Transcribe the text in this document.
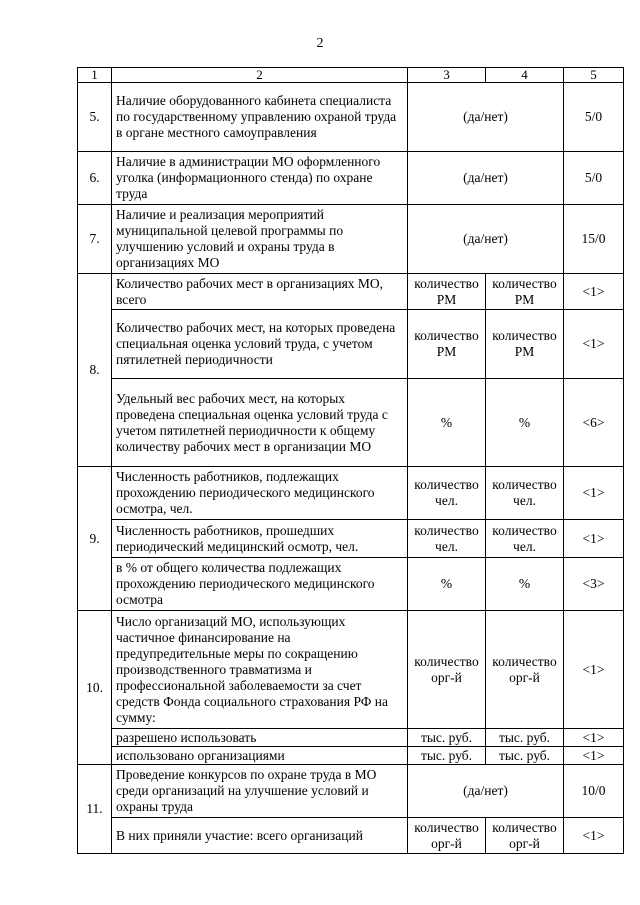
2
1	2	3	4	5
5.	Наличие оборудованного кабинета специалиста по государственному управлению охраной труда в органе местного самоуправления	(да/нет)		5/0
6.	Наличие в администрации МО оформленного уголка (информационного стенда) по охране труда	(да/нет)		5/0
7.	Наличие и реализация мероприятий муниципальной целевой программы по улучшению условий и охраны труда в организациях МО	(да/нет)		15/0
8.	Количество рабочих мест в организациях МО, всего	количество РМ	количество РМ	<1>
	Количество рабочих мест, на которых проведена специальная оценка условий труда, с учетом пятилетней периодичности	количество РМ	количество РМ	<1>
	Удельный вес рабочих мест, на которых проведена специальная оценка условий труда с учетом пятилетней периодичности к общему количеству рабочих мест в организации МО	%	%	<6>
9.	Численность работников, подлежащих прохождению периодического медицинского осмотра, чел.	количество чел.	количество чел.	<1>
	Численность работников, прошедших периодический медицинский осмотр, чел.	количество чел.	количество чел.	<1>
	в % от общего количества подлежащих прохождению периодического медицинского осмотра	%	%	<3>
10.	Число организаций МО, использующих частичное финансирование на предупредительные меры по сокращению производственного травматизма и профессиональной заболеваемости за счет средств Фонда социального страхования РФ на сумму:	количество орг-й	количество орг-й	<1>
	разрешено использовать	тыс. руб.	тыс. руб.	<1>
	использовано организациями	тыс. руб.	тыс. руб.	<1>
11.	Проведение конкурсов по охране труда в МО среди организаций на улучшение условий и охраны труда	(да/нет)		10/0
	В них приняли участие: всего организаций	количество орг-й	количество орг-й	<1>
